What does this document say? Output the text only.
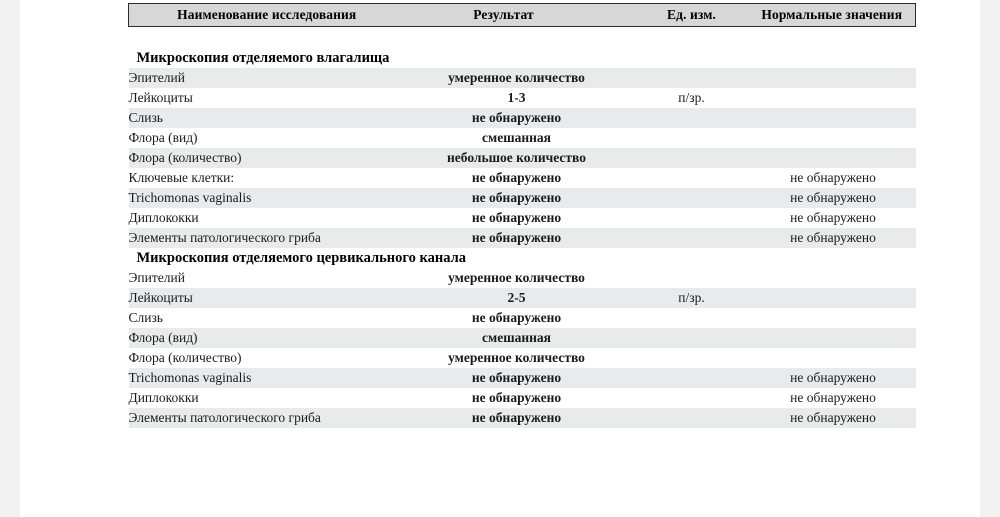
Наименование исследования	Результат	Ед. изм.	Нормальные значения

Микроскопия отделяемого влагалища			
Эпителий	умеренное количество		
Лейкоциты	1-3	п/зр.	
Слизь	не обнаружено		
Флора (вид)	смешанная		
Флора (количество)	небольшое количество		
Ключевые клетки:	не обнаружено		не обнаружено
Trichomonas vaginalis	не обнаружено		не обнаружено
Диплококки	не обнаружено		не обнаружено
Элементы патологического гриба	не обнаружено		не обнаружено
Микроскопия отделяемого цервикального канала			
Эпителий	умеренное количество		
Лейкоциты	2-5	п/зр.	
Слизь	не обнаружено		
Флора (вид)	смешанная		
Флора (количество)	умеренное количество		
Trichomonas vaginalis	не обнаружено		не обнаружено
Диплококки	не обнаружено		не обнаружено
Элементы патологического гриба	не обнаружено		не обнаружено
